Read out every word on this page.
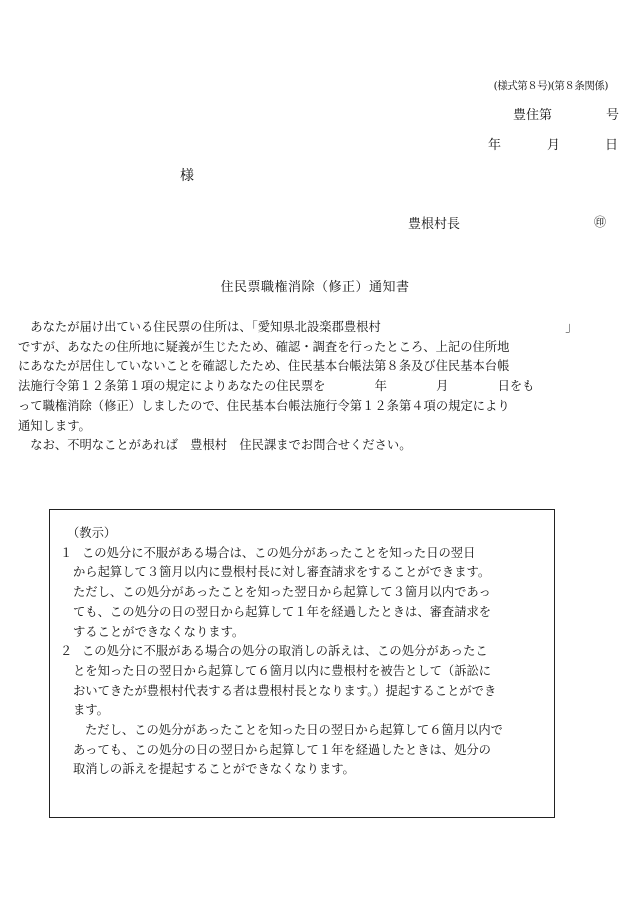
(様式第８号)(第８条関係)
豊住第	号
年	月	日
様
豊根村長	㊞
住民票職権消除（修正）通知書

あなたが届け出ている住民票の住所は、「愛知県北設楽郡豊根村　　　　　　　　　　　　　　　」

ですが、あなたの住所地に疑義が生じたため、確認・調査を行ったところ、上記の住所地

にあなたが居住していないことを確認したため、住民基本台帳法第８条及び住民基本台帳

法施行令第１２条第１項の規定によりあなたの住民票を　　　　年　　　　月　　　　日をも

って職権消除（修正）しましたので、住民基本台帳法施行令第１２条第４項の規定により

通知します。

なお、不明なことがあれば　豊根村　住民課までお問合せください。

（教示）

１ この処分に不服がある場合は、この処分があったことを知った日の翌日

から起算して３箇月以内に豊根村長に対し審査請求をすることができます。

ただし、この処分があったことを知った翌日から起算して３箇月以内であっ

ても、この処分の日の翌日から起算して１年を経過したときは、審査請求を

することができなくなります。

２ この処分に不服がある場合の処分の取消しの訴えは、この処分があったこ

とを知った日の翌日から起算して６箇月以内に豊根村を被告として（訴訟に

おいてきたが豊根村代表する者は豊根村長となります。）提起することができ

ます。

ただし、この処分があったことを知った日の翌日から起算して６箇月以内で

あっても、この処分の日の翌日から起算して１年を経過したときは、処分の

取消しの訴えを提起することができなくなります。
